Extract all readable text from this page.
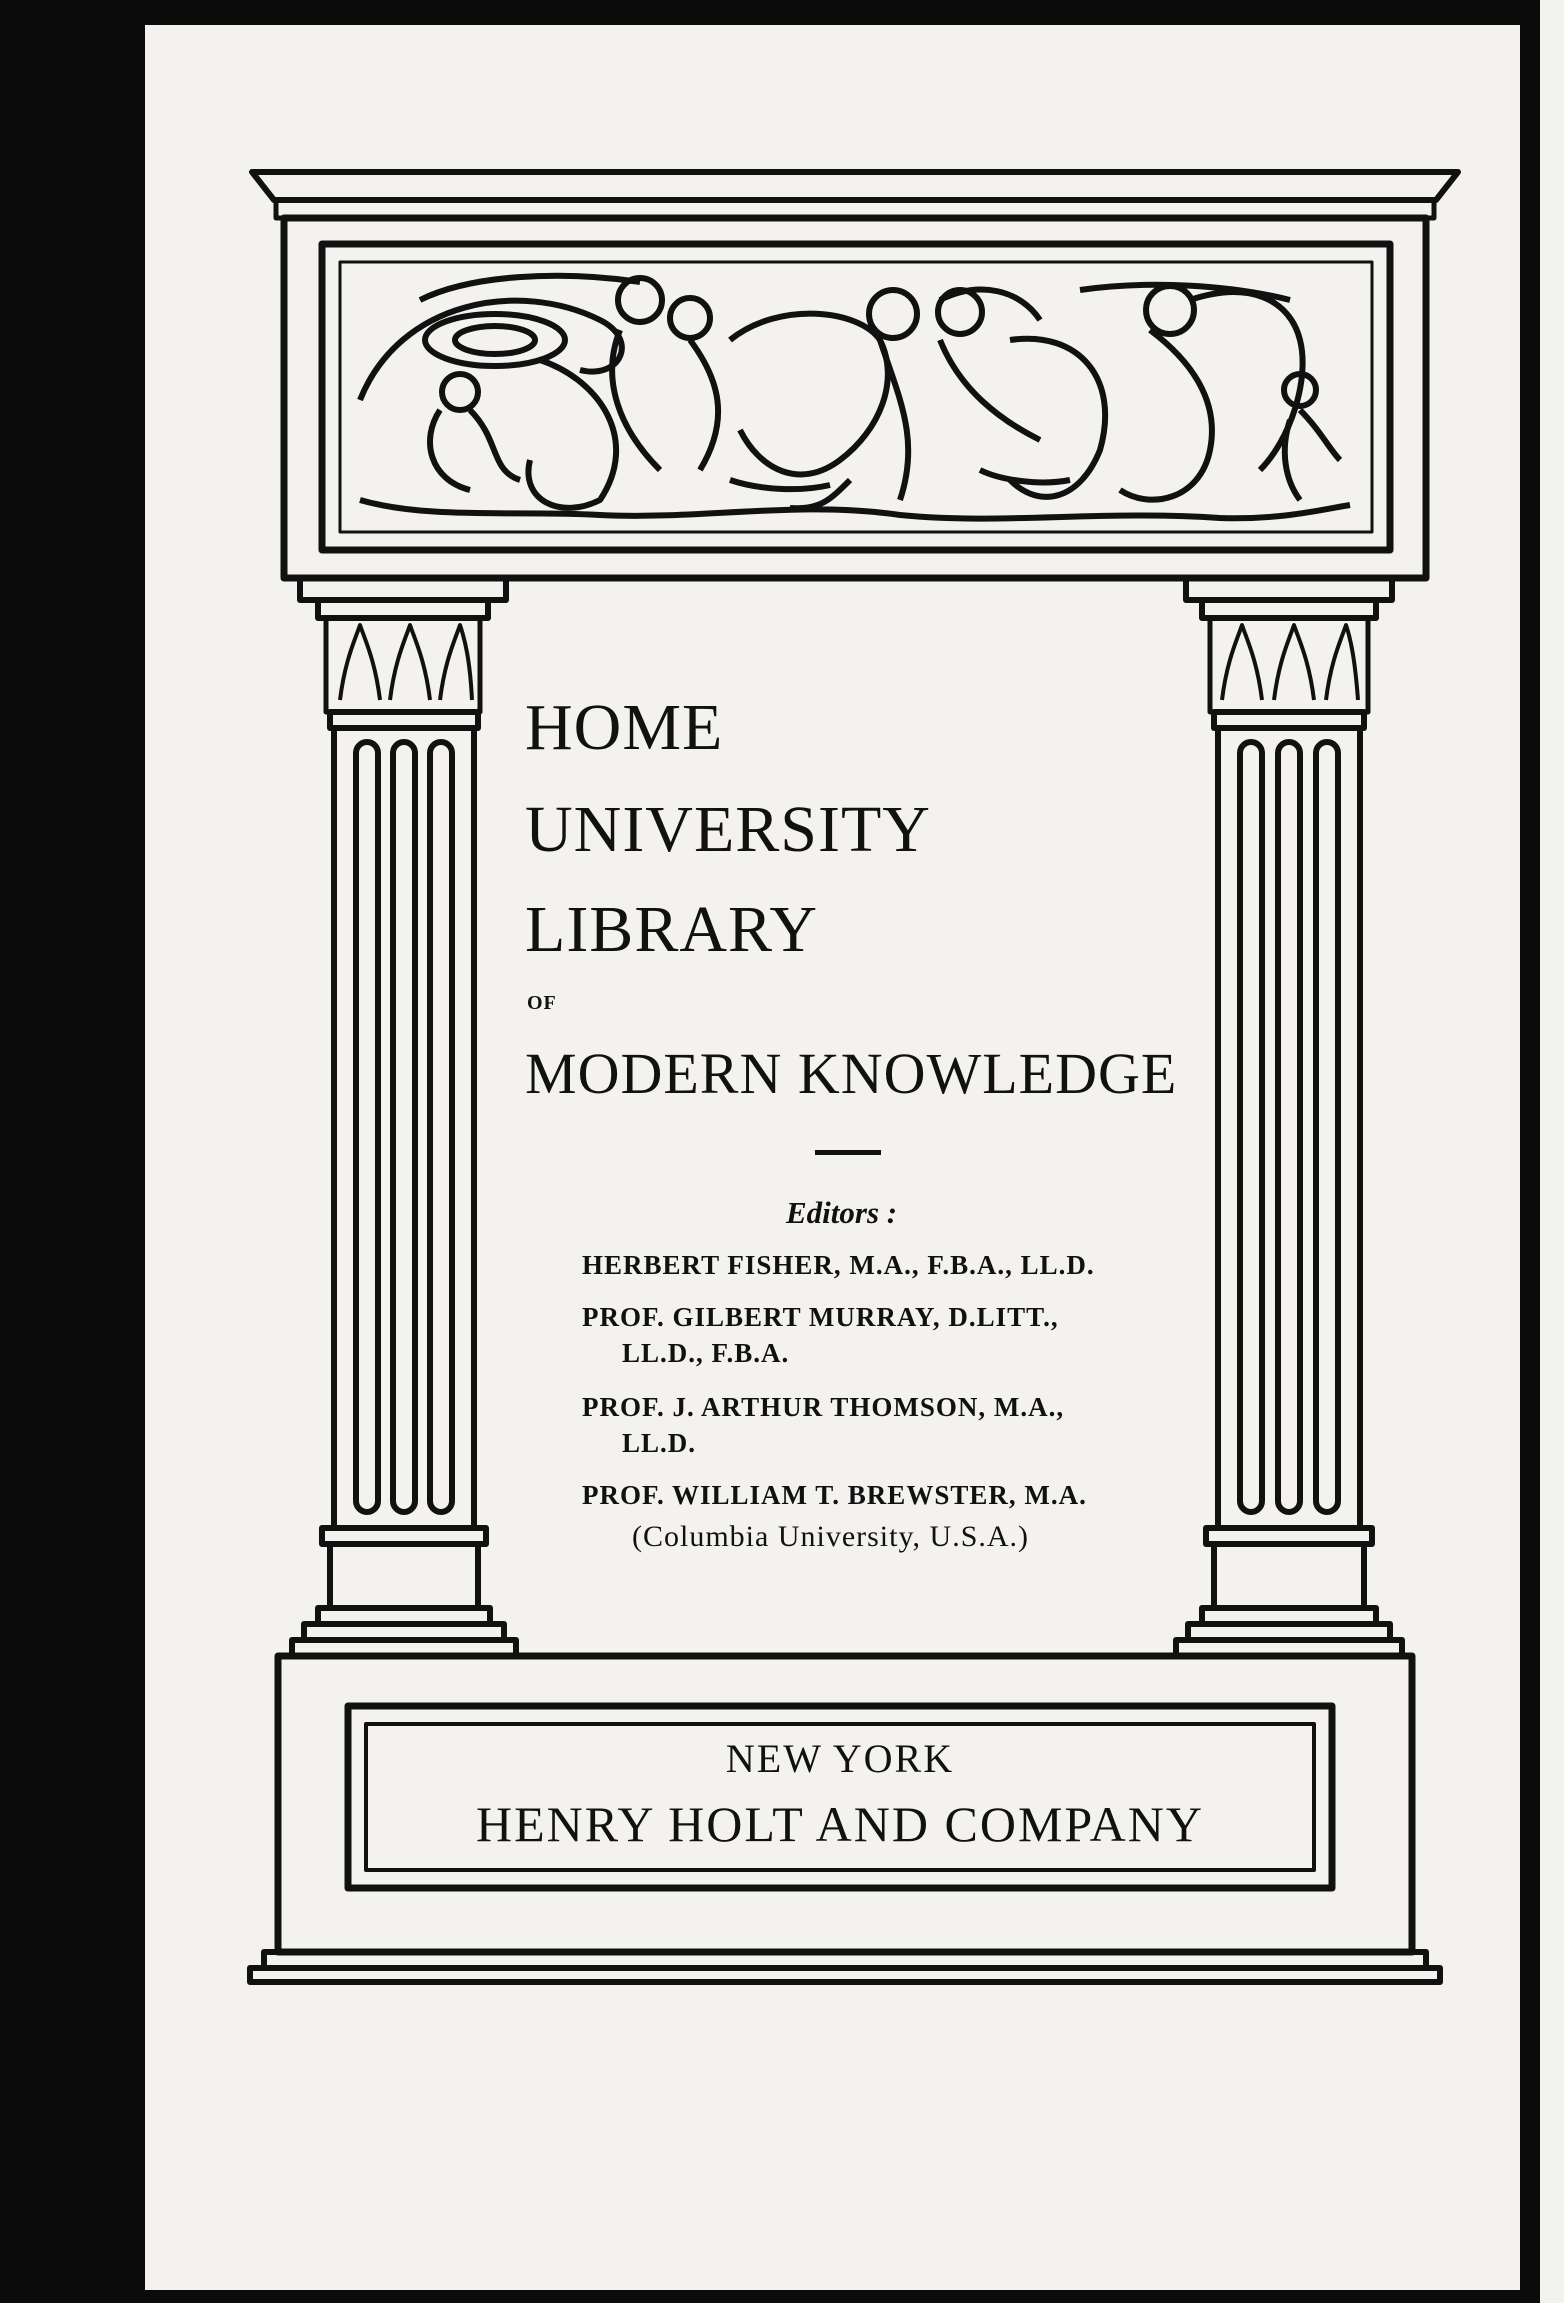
HOME
UNIVERSITY
LIBRARY
OF
MODERN KNOWLEDGE
Editors :
HERBERT FISHER, M.A., F.B.A., LL.D.
PROF. GILBERT MURRAY, D.LITT.,
LL.D., F.B.A.
PROF. J. ARTHUR THOMSON, M.A.,
LL.D.
PROF. WILLIAM T. BREWSTER, M.A.
(Columbia University, U.S.A.)
NEW YORK
HENRY HOLT AND COMPANY
